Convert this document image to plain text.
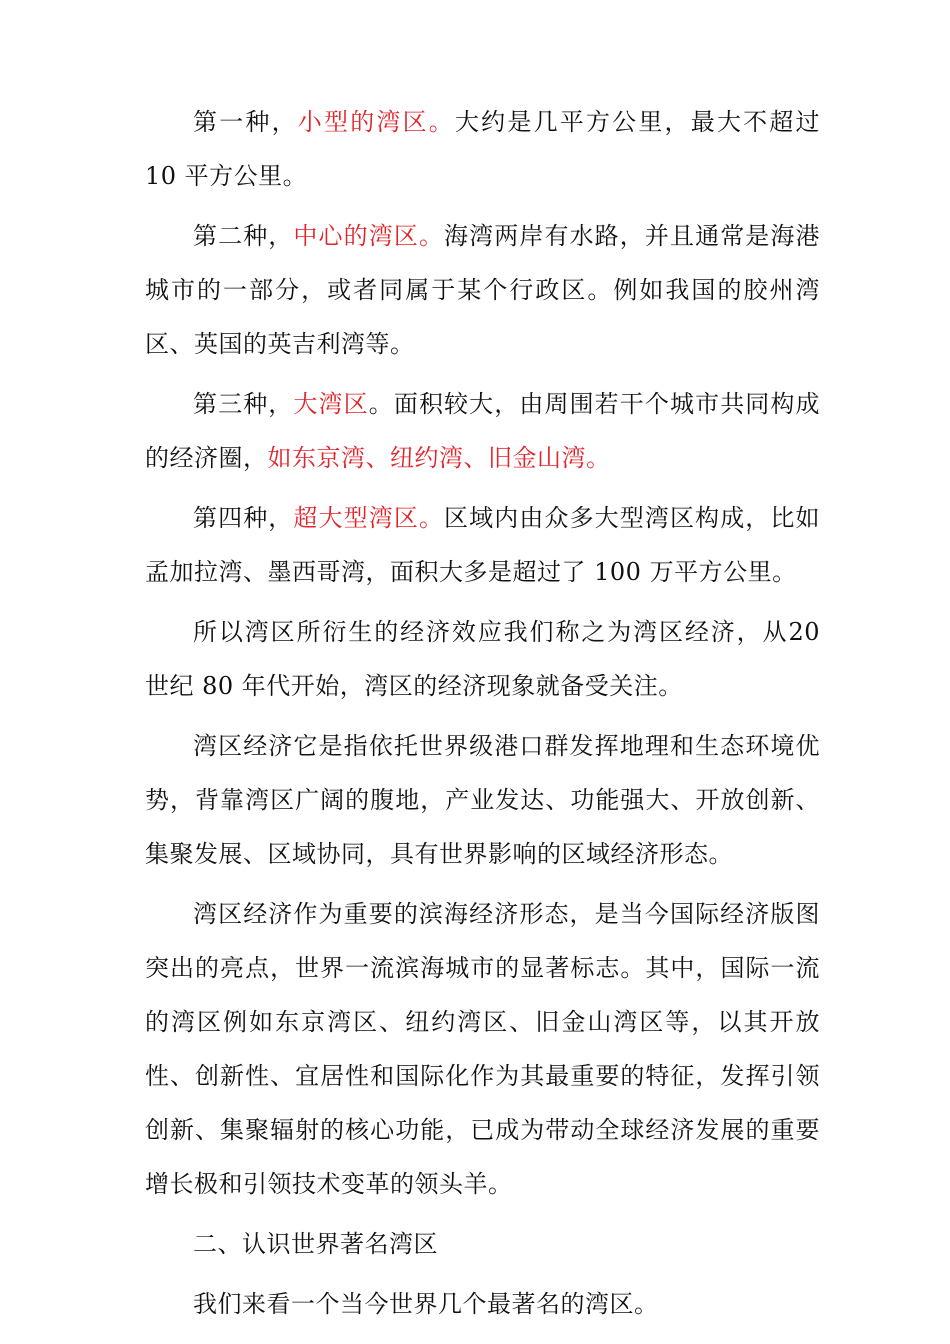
第一种，小型的湾区。大约是几平方公里，最大不超过 10 平方公里。

第二种，中心的湾区。海湾两岸有水路，并且通常是海港城市的一部分，或者同属于某个行政区。例如我国的胶州湾区、英国的英吉利湾等。

第三种，大湾区。面积较大，由周围若干个城市共同构成的经济圈，如东京湾、纽约湾、旧金山湾。

第四种，超大型湾区。区域内由众多大型湾区构成，比如孟加拉湾、墨西哥湾，面积大多是超过了 100 万平方公里。

所以湾区所衍生的经济效应我们称之为湾区经济，从20 世纪 80 年代开始，湾区的经济现象就备受关注。

湾区经济它是指依托世界级港口群发挥地理和生态环境优势，背靠湾区广阔的腹地，产业发达、功能强大、开放创新、集聚发展、区域协同，具有世界影响的区域经济形态。

湾区经济作为重要的滨海经济形态，是当今国际经济版图突出的亮点，世界一流滨海城市的显著标志。其中，国际一流的湾区例如东京湾区、纽约湾区、旧金山湾区等，以其开放性、创新性、宜居性和国际化作为其最重要的特征，发挥引领创新、集聚辐射的核心功能，已成为带动全球经济发展的重要增长极和引领技术变革的领头羊。

二、认识世界著名湾区

我们来看一个当今世界几个最著名的湾区。
